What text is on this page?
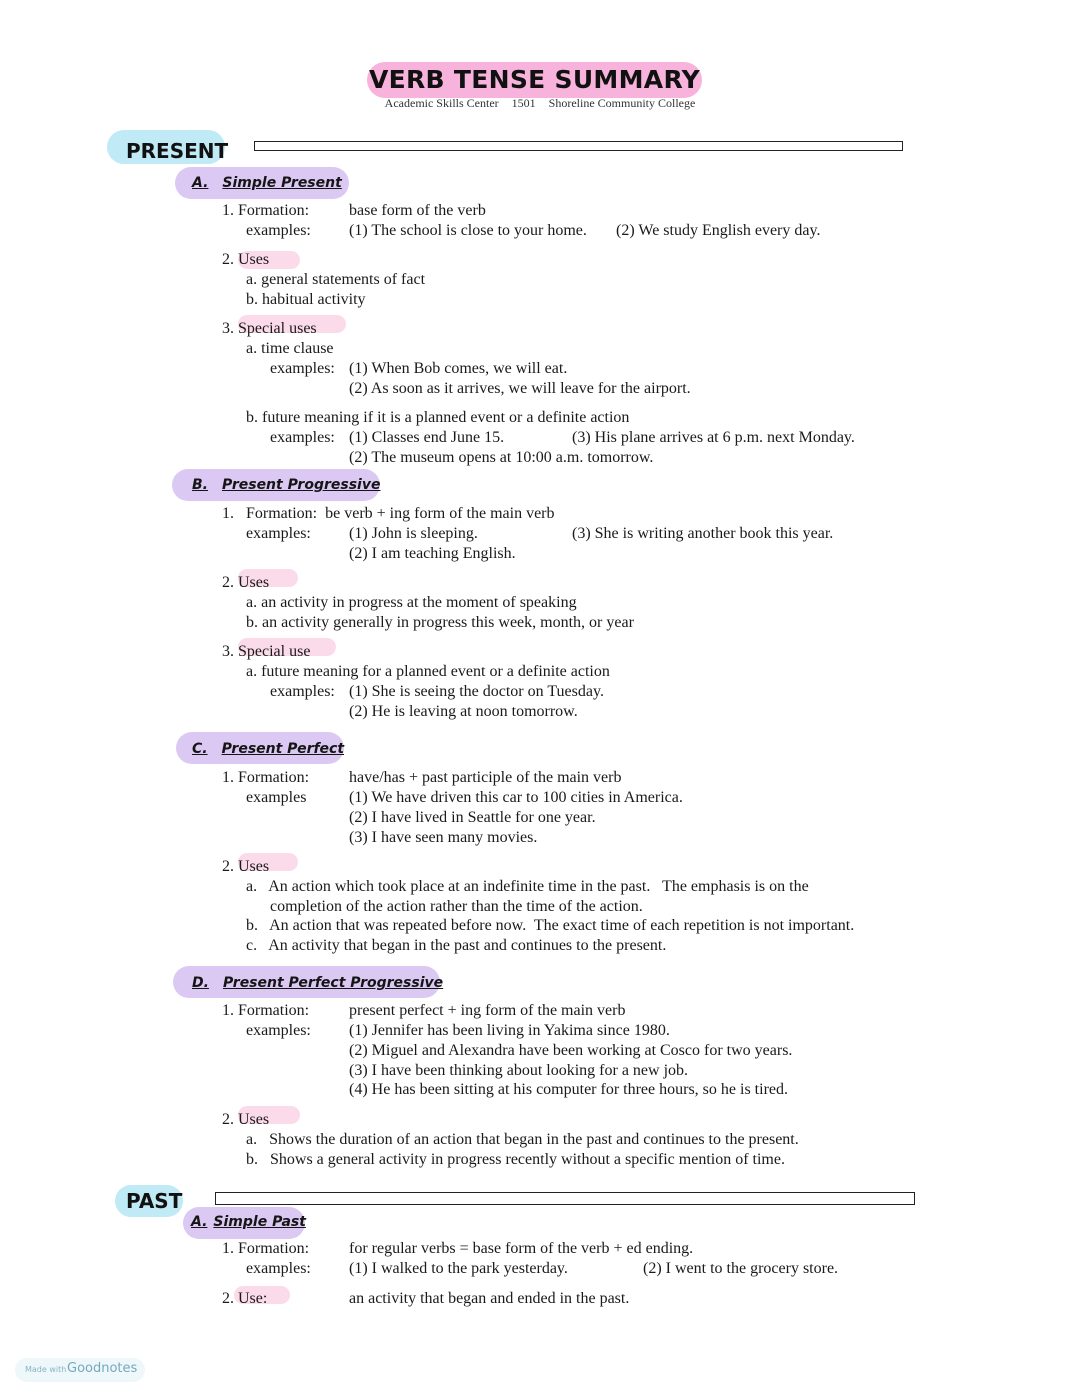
VERB TENSE SUMMARY
Academic Skills Center 1501 Shoreline Community College
PRESENT
A. Simple Present
1. Formation: base form of the verb
examples: (1) The school is close to your home. (2) We study English every day.
2. Uses
a. general statements of fact
b. habitual activity
3. Special uses
a. time clause
examples: (1) When Bob comes, we will eat.
(2) As soon as it arrives, we will leave for the airport.
b. future meaning if it is a planned event or a definite action
examples: (1) Classes end June 15.	(3) His plane arrives at 6 p.m. next Monday.
(2) The museum opens at 10:00 a.m. tomorrow.
B. Present Progressive
1.   Formation:  be verb + ing form of the main verb
examples: (1) John is sleeping.	(3) She is writing another book this year.
(2) I am teaching English.
2. Uses
a. an activity in progress at the moment of speaking
b. an activity generally in progress this week, month, or year
3. Special use
a. future meaning for a planned event or a definite action
examples: (1) She is seeing the doctor on Tuesday.
(2) He is leaving at noon tomorrow.
C. Present Perfect
1. Formation: have/has + past participle of the main verb
examples	(1) We have driven this car to 100 cities in America.
(2) I have lived in Seattle for one year.
(3) I have seen many movies.
2. Uses
a.   An action which took place at an indefinite time in the past.   The emphasis is on the
completion of the action rather than the time of the action.
b.   An action that was repeated before now.  The exact time of each repetition is not important.
c.   An activity that began in the past and continues to the present.
D. Present Perfect Progressive
1. Formation: present perfect + ing form of the main verb
examples: (1) Jennifer has been living in Yakima since 1980.
(2) Miguel and Alexandra have been working at Cosco for two years.
(3) I have been thinking about looking for a new job.
(4) He has been sitting at his computer for three hours, so he is tired.
2. Uses
a.   Shows the duration of an action that began in the past and continues to the present.
b.   Shows a general activity in progress recently without a specific mention of time.
PAST
A. Simple Past
1. Formation: for regular verbs = base form of the verb + ed ending.
examples: (1) I walked to the park yesterday.	(2) I went to the grocery store.
2. Use:	an activity that began and ended in the past.
Made with Goodnotes
